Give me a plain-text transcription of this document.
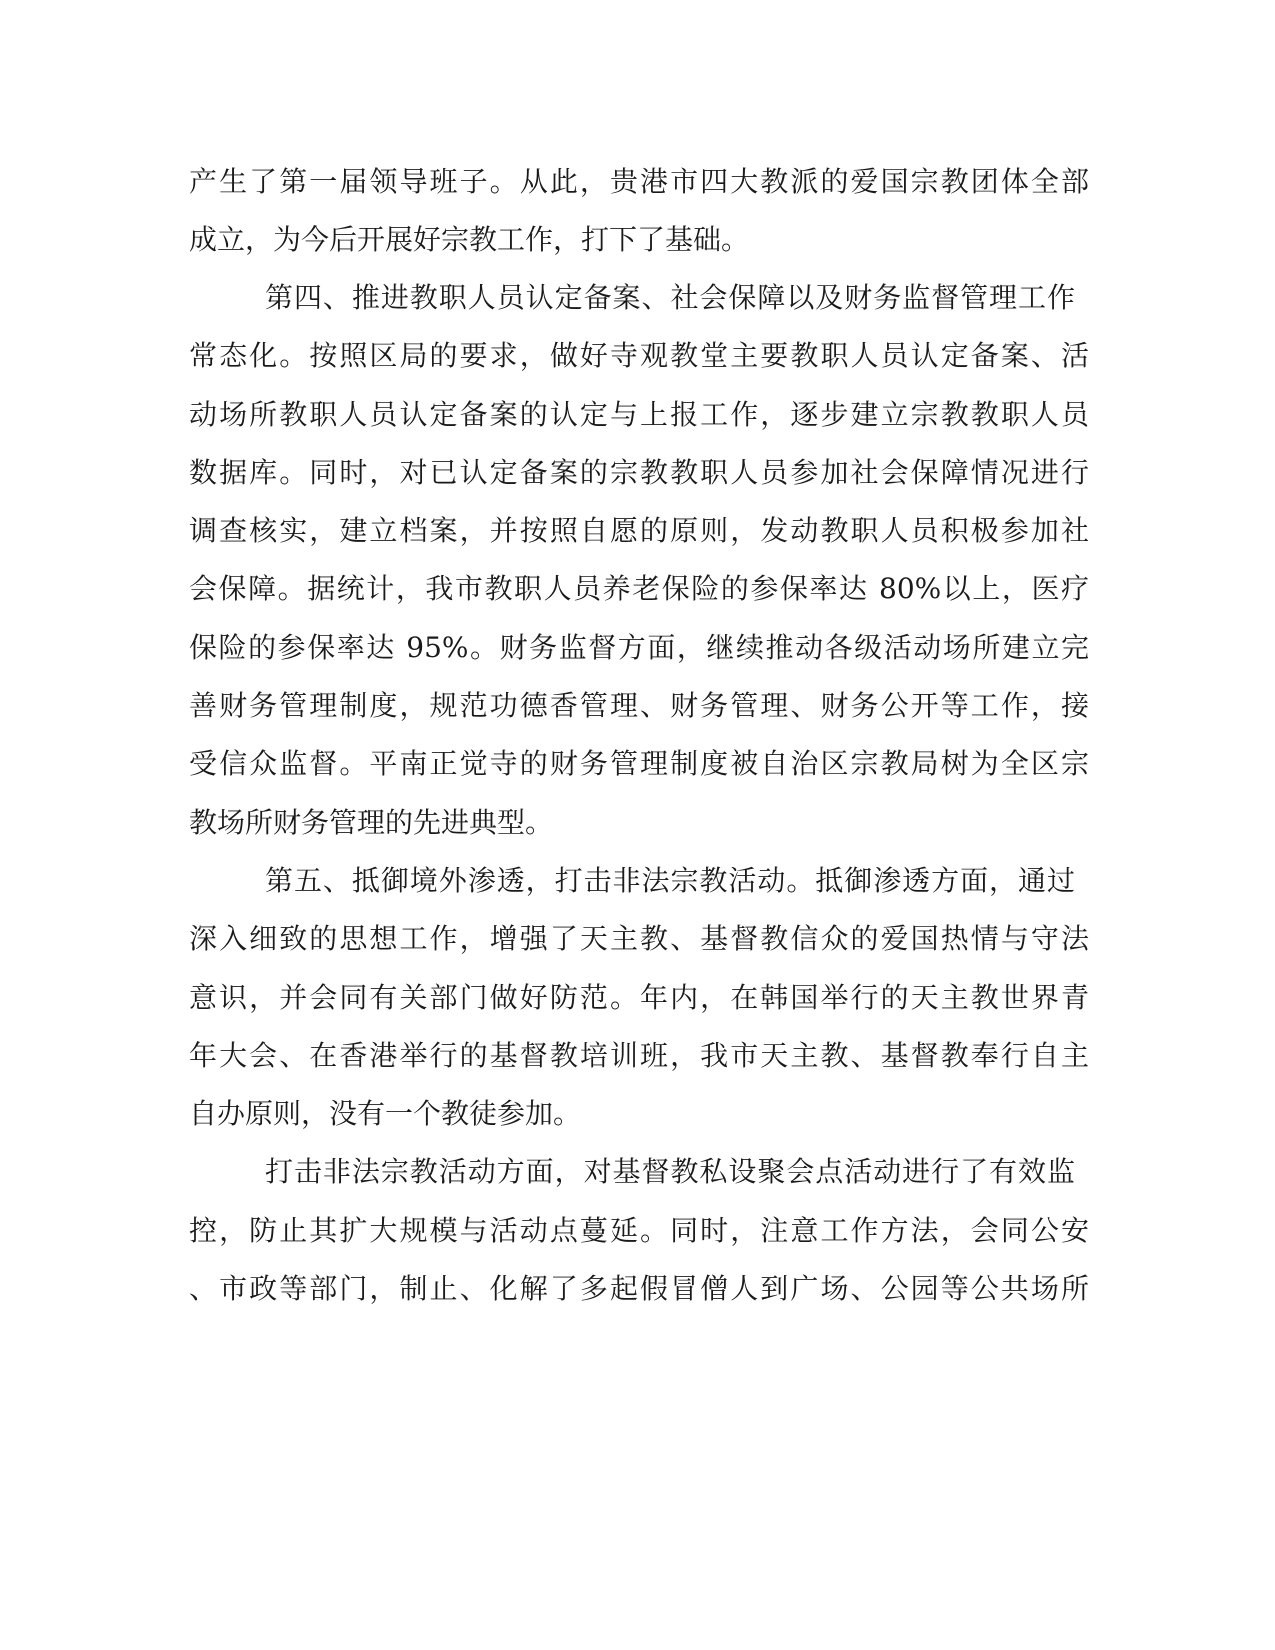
产生了第一届领导班子。从此，贵港市四大教派的爱国宗教团体全部
成立，为今后开展好宗教工作，打下了基础。
第四、推进教职人员认定备案、社会保障以及财务监督管理工作
常态化。按照区局的要求，做好寺观教堂主要教职人员认定备案、活
动场所教职人员认定备案的认定与上报工作，逐步建立宗教教职人员
数据库。同时，对已认定备案的宗教教职人员参加社会保障情况进行
调查核实，建立档案，并按照自愿的原则，发动教职人员积极参加社
会保障。据统计，我市教职人员养老保险的参保率达 80%以上，医疗
保险的参保率达 95%。财务监督方面，继续推动各级活动场所建立完
善财务管理制度，规范功德香管理、财务管理、财务公开等工作，接
受信众监督。平南正觉寺的财务管理制度被自治区宗教局树为全区宗
教场所财务管理的先进典型。
第五、抵御境外渗透，打击非法宗教活动。抵御渗透方面，通过
深入细致的思想工作，增强了天主教、基督教信众的爱国热情与守法
意识，并会同有关部门做好防范。年内，在韩国举行的天主教世界青
年大会、在香港举行的基督教培训班，我市天主教、基督教奉行自主
自办原则，没有一个教徒参加。
打击非法宗教活动方面，对基督教私设聚会点活动进行了有效监
控，防止其扩大规模与活动点蔓延。同时，注意工作方法，会同公安
、市政等部门，制止、化解了多起假冒僧人到广场、公园等公共场所
